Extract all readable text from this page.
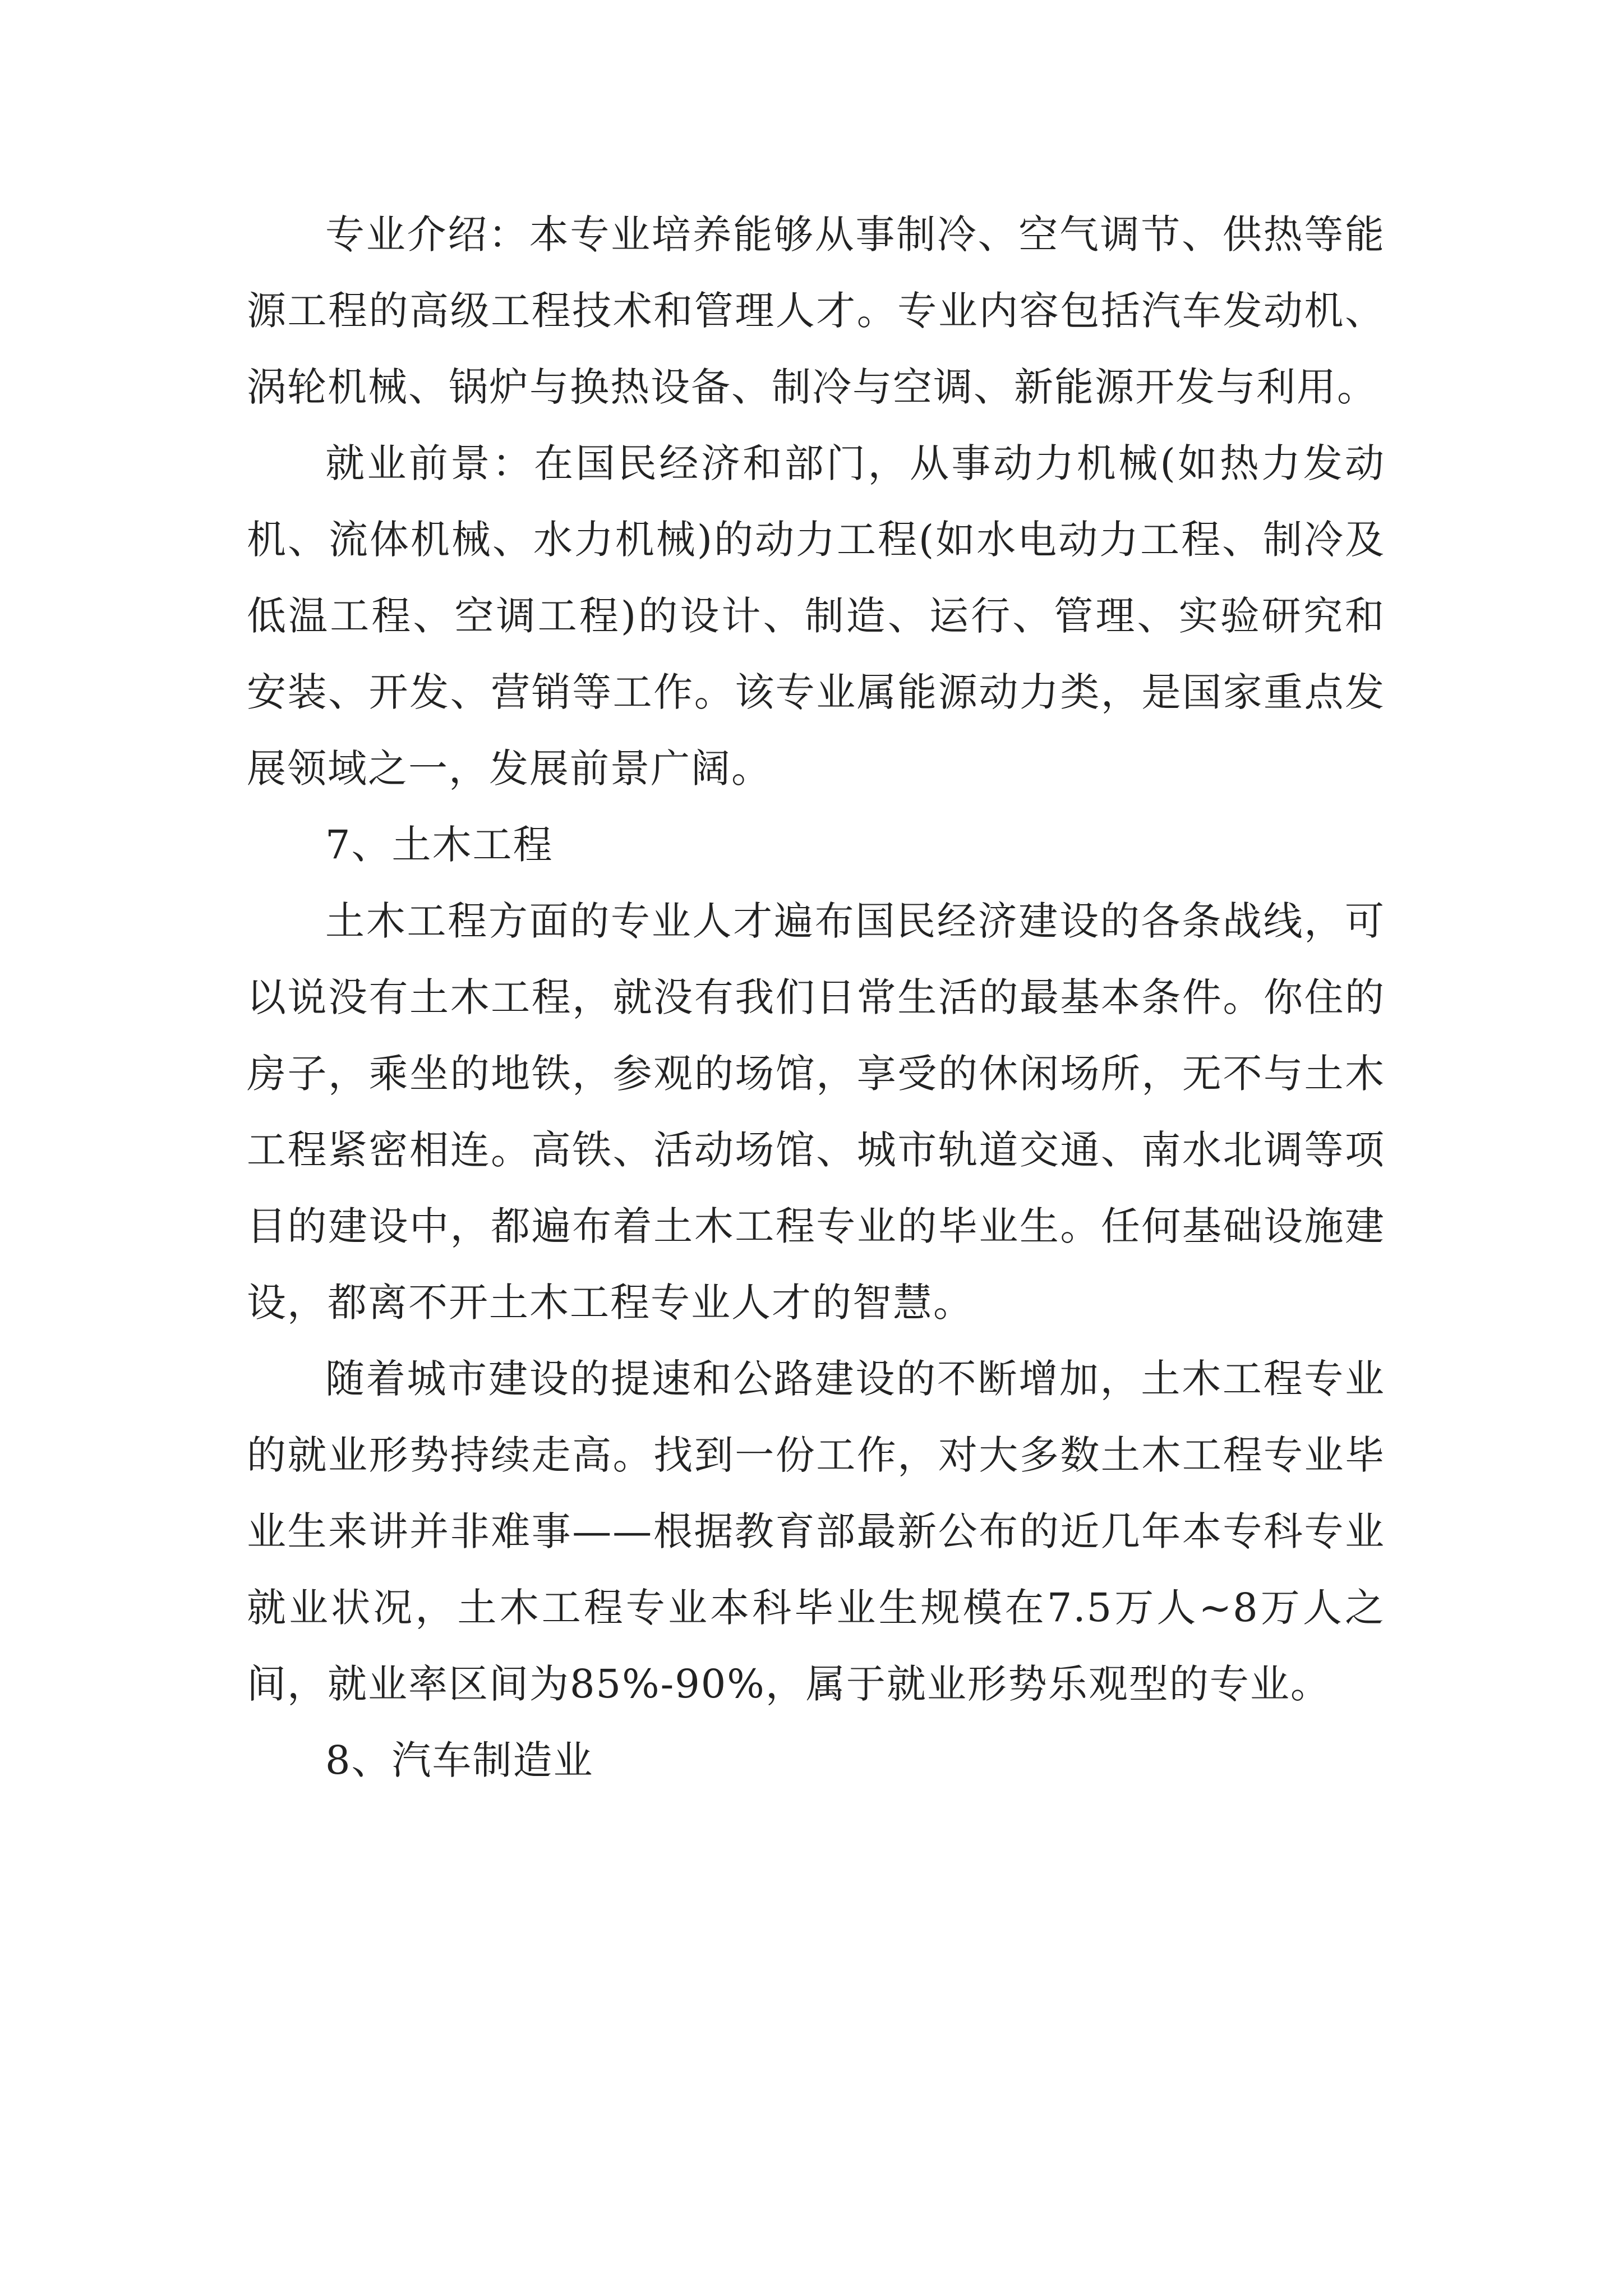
专业介绍：本专业培养能够从事制冷、空气调节、供热等能源工程的高级工程技术和管理人才。专业内容包括汽车发动机、涡轮机械、锅炉与换热设备、制冷与空调、新能源开发与利用。

就业前景：在国民经济和部门，从事动力机械(如热力发动机、流体机械、水力机械)的动力工程(如水电动力工程、制冷及低温工程、空调工程)的设计、制造、运行、管理、实验研究和安装、开发、营销等工作。该专业属能源动力类，是国家重点发展领域之一，发展前景广阔。

7、土木工程

土木工程方面的专业人才遍布国民经济建设的各条战线，可以说没有土木工程，就没有我们日常生活的最基本条件。你住的房子，乘坐的地铁，参观的场馆，享受的休闲场所，无不与土木工程紧密相连。高铁、活动场馆、城市轨道交通、南水北调等项目的建设中，都遍布着土木工程专业的毕业生。任何基础设施建设，都离不开土木工程专业人才的智慧。

随着城市建设的提速和公路建设的不断增加，土木工程专业的就业形势持续走高。找到一份工作，对大多数土木工程专业毕业生来讲并非难事——根据教育部最新公布的近几年本专科专业就业状况，土木工程专业本科毕业生规模在7.5万人~8万人之间，就业率区间为85%-90%，属于就业形势乐观型的专业。

8、汽车制造业
